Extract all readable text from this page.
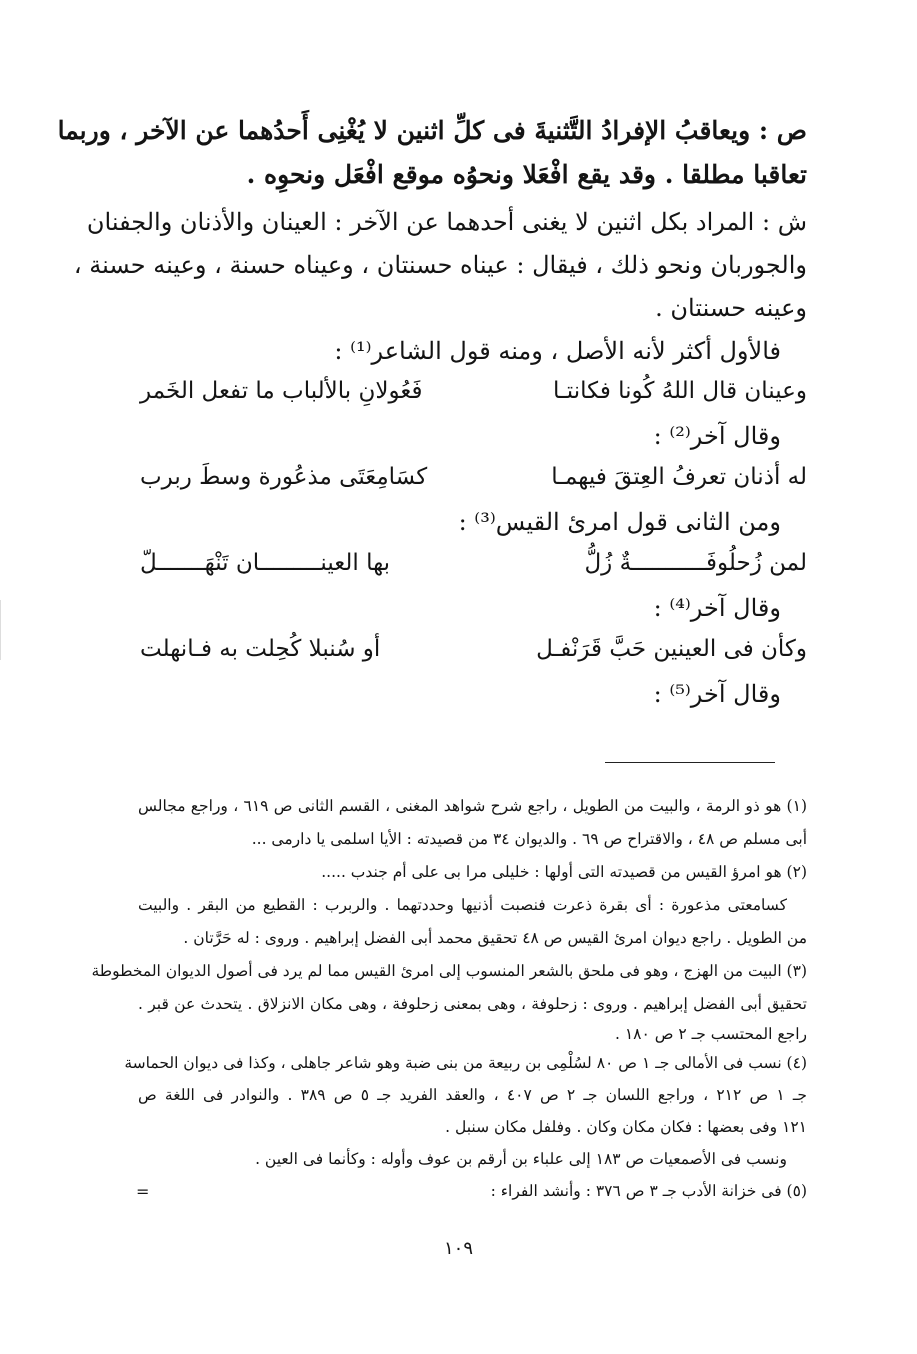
ص : ويعاقبُ الإفرادُ التَّثنيةَ فى كلِّ اثنين لا يُغْنِى أَحدُهما عن الآخر ، وربما
تعاقبا مطلقا . وقد يقع افْعَلا ونحوُه موقع افْعَل ونحوِه .
ش : المراد بكل اثنين لا يغنى أحدهما عن الآخر : العينان والأذنان والجفنان
والجوربان ونحو ذلك ، فيقال : عيناه حسنتان ، وعيناه حسنة ، وعينه حسنة ،
وعينه حسنتان .
فالأول أكثر لأنه الأصل ، ومنه قول الشاعر⁽¹⁾ :
وعينان قال اللهُ كُونا فكانتـا
فَعُولانِ بالألباب ما تفعل الخَمر
وقال آخر⁽²⁾ :
له أذنان تعرفُ العِتقَ فيهمـا
كسَامِعَتَى مذعُورة وسطَ ربرب
ومن الثانى قول امرئ القيس⁽³⁾ :
لمن زُحلُوفَـــــــــــةٌ زُلُّ
بها العينـــــــــان تَنْهَـــــــلّ
وقال آخر⁽⁴⁾ :
وكأن فى العينين حَبَّ قَرَنْفـل
أو سُنبلا كُحِلت به فـانهلت
وقال آخر⁽⁵⁾ :
(١) هو ذو الرمة ، والبيت من الطويل ، راجع شرح شواهد المغنى ، القسم الثانى ص ٦١٩ ، وراجع مجالس
أبى مسلم ص ٤٨ ، والاقتراح ص ٦٩ . والديوان ٣٤ من قصيدته : الأيا اسلمى يا دارمى ...
(٢) هو امرؤ القيس من قصيدته التى أولها : خليلى مرا بى على أم جندب .....
كسامعتى مذعورة : أى بقرة ذعرت فنصبت أذنيها وحددتهما . والربرب : القطيع من البقر . والبيت
من الطويل . راجع ديوان امرئ القيس ص ٤٨ تحقيق محمد أبى الفضل إبراهيم . وروى : له حَرَّتان .
(٣) البيت من الهزج ، وهو فى ملحق بالشعر المنسوب إلى امرئ القيس مما لم يرد فى أصول الديوان المخطوطة
تحقيق أبى الفضل إبراهيم . وروى : زحلوفة ، وهى بمعنى زحلوفة ، وهى مكان الانزلاق . يتحدث عن قبر .
راجع المحتسب جـ ٢ ص ١٨٠ .
(٤) نسب فى الأمالى جـ ١ ص ٨٠ لسُلْمِى بن ربيعة من بنى ضبة وهو شاعر جاهلى ، وكذا فى ديوان الحماسة
جـ ١ ص ٢١٢ ، وراجع اللسان جـ ٢ ص ٤٠٧ ، والعقد الفريد جـ ٥ ص ٣٨٩ . والنوادر فى اللغة ص
١٢١ وفى بعضها : فكان مكان وكان . وفلفل مكان سنبل .
ونسب فى الأصمعيات ص ١٨٣ إلى علباء بن أرقم بن عوف وأوله : وكأنما فى العين .
(٥) فى خزانة الأدب جـ ٣ ص ٣٧٦ : وأنشد الفراء :
=
١٠٩
